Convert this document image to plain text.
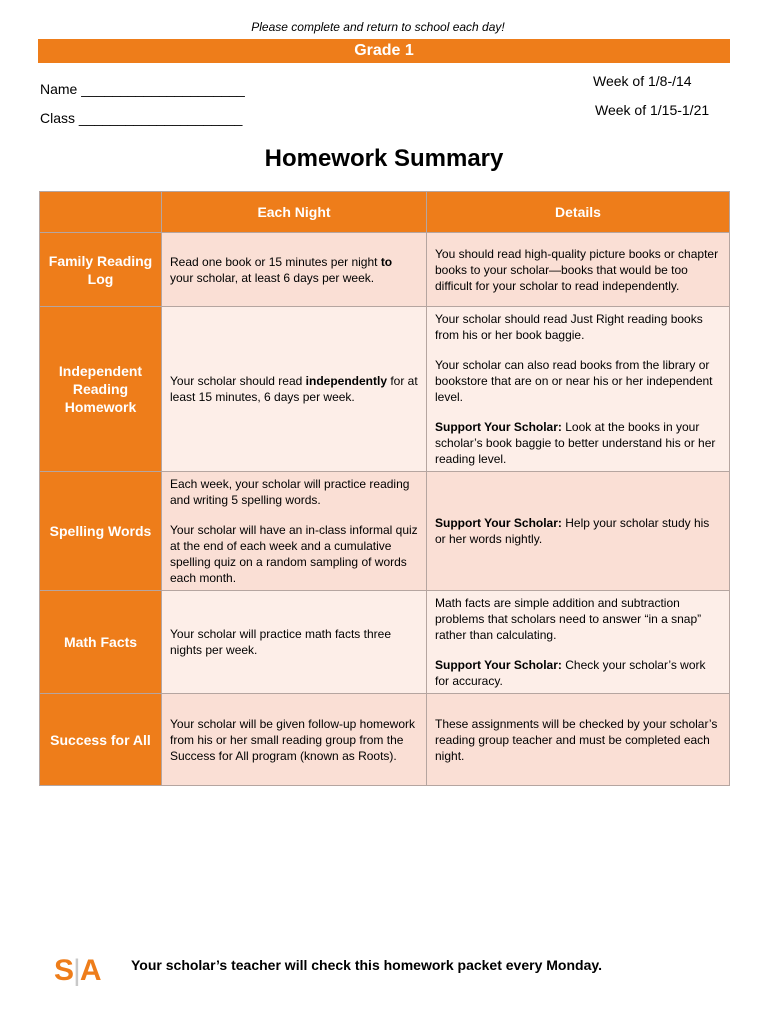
Please complete and return to school each day!
Grade 1
Name _____________________
Class _____________________
Week of 1/8-/14
Week of 1/15-1/21
Homework Summary
	Each Night	Details
Family Reading Log	Read one book or 15 minutes per night to your scholar, at least 6 days per week.	You should read high-quality picture books or chapter books to your scholar—books that would be too difficult for your scholar to read independently.

Independent Reading Homework	Your scholar should read independently for at least 15 minutes, 6 days per week.	Your scholar should read Just Right reading books from his or her book baggie.

Your scholar can also read books from the library or bookstore that are on or near his or her independent level.

Support Your Scholar: Look at the books in your scholar’s book baggie to better understand his or her reading level.

Spelling Words	Each week, your scholar will practice reading and writing 5 spelling words.

Your scholar will have an in-class informal quiz at the end of each week and a cumulative spelling quiz on a random sampling of words each month.	Support Your Scholar: Help your scholar study his or her words nightly.

Math Facts	Your scholar will practice math facts three nights per week.	Math facts are simple addition and subtraction problems that scholars need to answer “in a snap” rather than calculating.

Support Your Scholar: Check your scholar’s work for accuracy.

Success for All	Your scholar will be given follow-up homework from his or her small reading group from the Success for All program (known as Roots).	These assignments will be checked by your scholar’s reading group teacher and must be completed each night.

S|A Your scholar’s teacher will check this homework packet every Monday.
